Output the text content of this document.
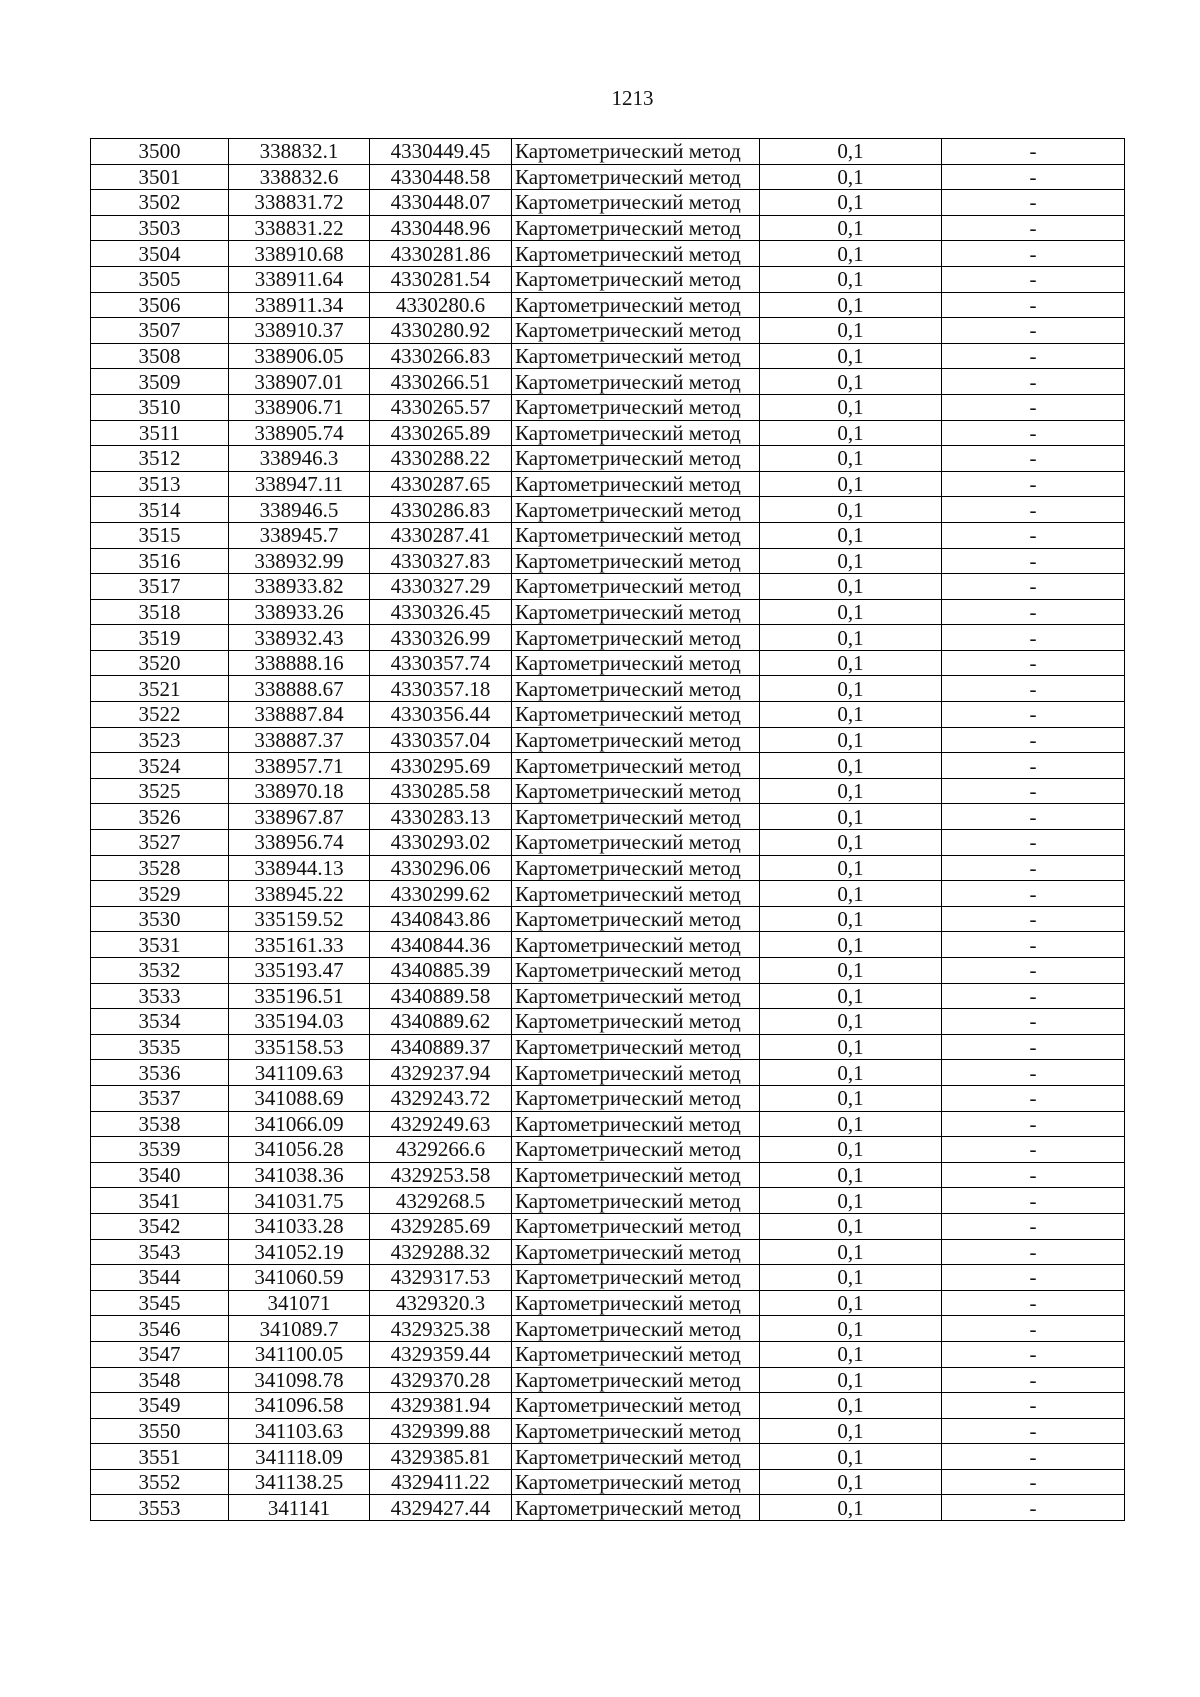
1213
3500	338832.1	4330449.45	Картометрический метод	0,1	-
3501	338832.6	4330448.58	Картометрический метод	0,1	-
3502	338831.72	4330448.07	Картометрический метод	0,1	-
3503	338831.22	4330448.96	Картометрический метод	0,1	-
3504	338910.68	4330281.86	Картометрический метод	0,1	-
3505	338911.64	4330281.54	Картометрический метод	0,1	-
3506	338911.34	4330280.6	Картометрический метод	0,1	-
3507	338910.37	4330280.92	Картометрический метод	0,1	-
3508	338906.05	4330266.83	Картометрический метод	0,1	-
3509	338907.01	4330266.51	Картометрический метод	0,1	-
3510	338906.71	4330265.57	Картометрический метод	0,1	-
3511	338905.74	4330265.89	Картометрический метод	0,1	-
3512	338946.3	4330288.22	Картометрический метод	0,1	-
3513	338947.11	4330287.65	Картометрический метод	0,1	-
3514	338946.5	4330286.83	Картометрический метод	0,1	-
3515	338945.7	4330287.41	Картометрический метод	0,1	-
3516	338932.99	4330327.83	Картометрический метод	0,1	-
3517	338933.82	4330327.29	Картометрический метод	0,1	-
3518	338933.26	4330326.45	Картометрический метод	0,1	-
3519	338932.43	4330326.99	Картометрический метод	0,1	-
3520	338888.16	4330357.74	Картометрический метод	0,1	-
3521	338888.67	4330357.18	Картометрический метод	0,1	-
3522	338887.84	4330356.44	Картометрический метод	0,1	-
3523	338887.37	4330357.04	Картометрический метод	0,1	-
3524	338957.71	4330295.69	Картометрический метод	0,1	-
3525	338970.18	4330285.58	Картометрический метод	0,1	-
3526	338967.87	4330283.13	Картометрический метод	0,1	-
3527	338956.74	4330293.02	Картометрический метод	0,1	-
3528	338944.13	4330296.06	Картометрический метод	0,1	-
3529	338945.22	4330299.62	Картометрический метод	0,1	-
3530	335159.52	4340843.86	Картометрический метод	0,1	-
3531	335161.33	4340844.36	Картометрический метод	0,1	-
3532	335193.47	4340885.39	Картометрический метод	0,1	-
3533	335196.51	4340889.58	Картометрический метод	0,1	-
3534	335194.03	4340889.62	Картометрический метод	0,1	-
3535	335158.53	4340889.37	Картометрический метод	0,1	-
3536	341109.63	4329237.94	Картометрический метод	0,1	-
3537	341088.69	4329243.72	Картометрический метод	0,1	-
3538	341066.09	4329249.63	Картометрический метод	0,1	-
3539	341056.28	4329266.6	Картометрический метод	0,1	-
3540	341038.36	4329253.58	Картометрический метод	0,1	-
3541	341031.75	4329268.5	Картометрический метод	0,1	-
3542	341033.28	4329285.69	Картометрический метод	0,1	-
3543	341052.19	4329288.32	Картометрический метод	0,1	-
3544	341060.59	4329317.53	Картометрический метод	0,1	-
3545	341071	4329320.3	Картометрический метод	0,1	-
3546	341089.7	4329325.38	Картометрический метод	0,1	-
3547	341100.05	4329359.44	Картометрический метод	0,1	-
3548	341098.78	4329370.28	Картометрический метод	0,1	-
3549	341096.58	4329381.94	Картометрический метод	0,1	-
3550	341103.63	4329399.88	Картометрический метод	0,1	-
3551	341118.09	4329385.81	Картометрический метод	0,1	-
3552	341138.25	4329411.22	Картометрический метод	0,1	-
3553	341141	4329427.44	Картометрический метод	0,1	-
